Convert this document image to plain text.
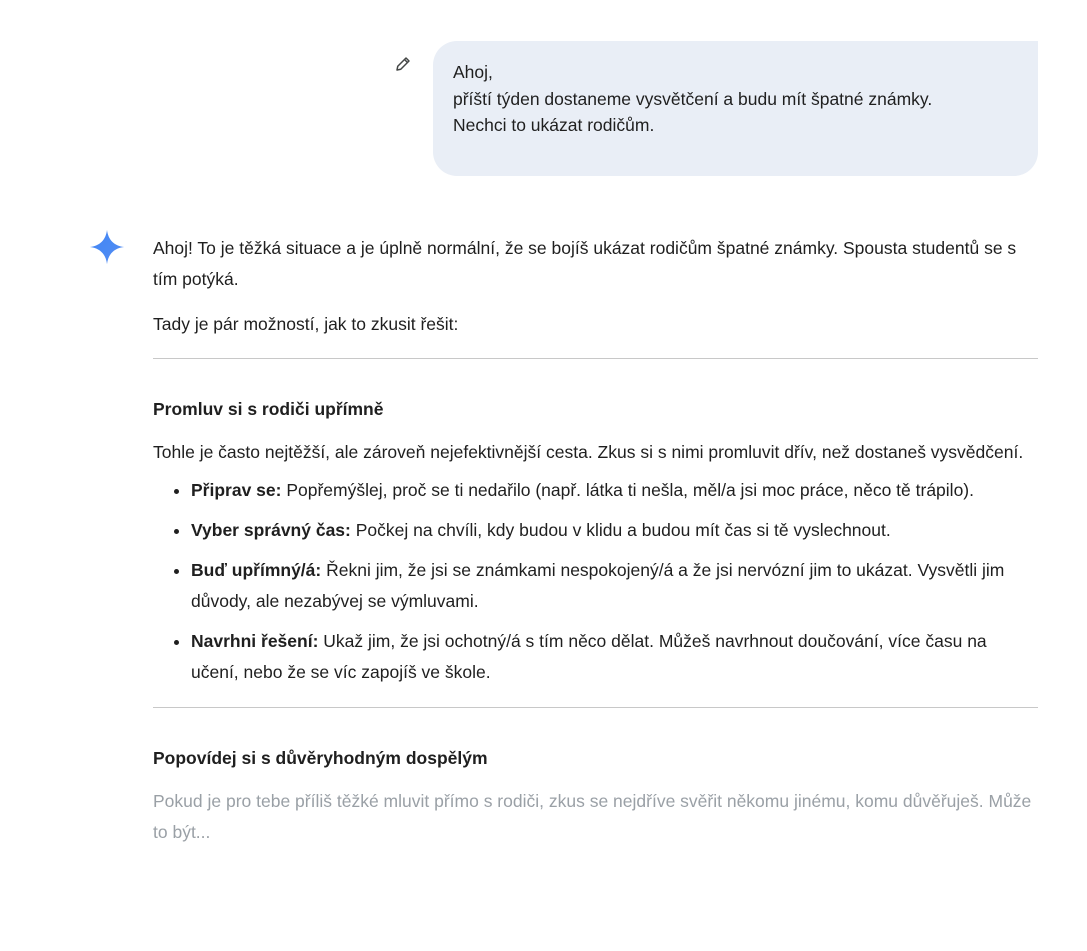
Ahoj,
příští týden dostaneme vysvětčení a budu mít špatné známky.
Nechci to ukázat rodičům.

Ahoj! To je těžká situace a je úplně normální, že se bojíš ukázat rodičům špatné známky. Spousta studentů se s tím potýká.

Tady je pár možností, jak to zkusit řešit:

Promluv si s rodiči upřímně

Tohle je často nejtěžší, ale zároveň nejefektivnější cesta. Zkus si s nimi promluvit dřív, než dostaneš vysvědčení.

• Připrav se: Popřemýšlej, proč se ti nedařilo (např. látka ti nešla, měl/a jsi moc práce, něco tě trápilo).
• Vyber správný čas: Počkej na chvíli, kdy budou v klidu a budou mít čas si tě vyslechnout.
• Buď upřímný/á: Řekni jim, že jsi se známkami nespokojený/á a že jsi nervózní jim to ukázat. Vysvětli jim důvody, ale nezabývej se výmluvami.
• Navrhni řešení: Ukaž jim, že jsi ochotný/á s tím něco dělat. Můžeš navrhnout doučování, více času na učení, nebo že se víc zapojíš ve škole.

Popovídej si s důvěryhodným dospělým

Pokud je pro tebe příliš těžké mluvit přímo s rodiči, zkus se nejdříve svěřit někomu jinému, komu důvěřuješ. Může to být...
